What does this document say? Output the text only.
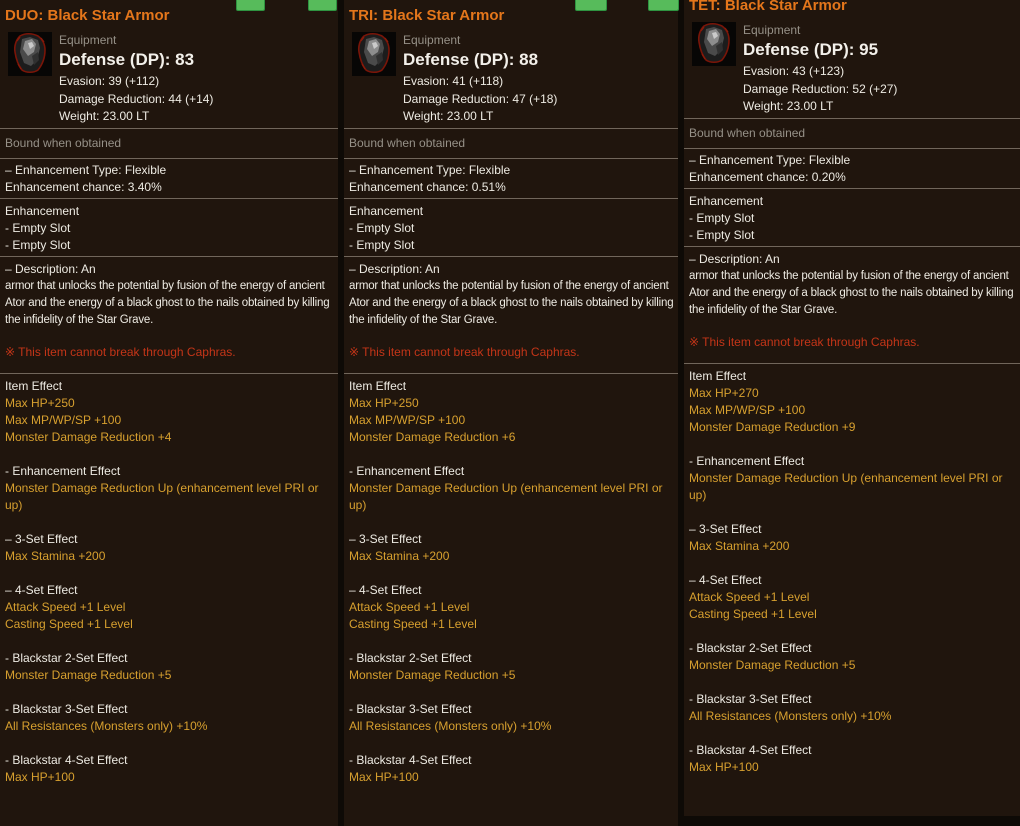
DUO: Black Star Armor
Equipment
Defense (DP): 83
Evasion: 39 (+112)
Damage Reduction: 44 (+14)
Weight: 23.00 LT
Bound when obtained
– Enhancement Type: Flexible
Enhancement chance: 3.40%
Enhancement
- Empty Slot
- Empty Slot
– Description: An
armor that unlocks the potential by fusion of the energy of ancient Ator and the energy of a black ghost to the nails obtained by killing the infidelity of the Star Grave.
※ This item cannot break through Caphras.
Item Effect
Max HP+250
Max MP/WP/SP +100
Monster Damage Reduction +4
- Enhancement Effect
Monster Damage Reduction Up (enhancement level PRI or up)
– 3-Set Effect
Max Stamina +200
– 4-Set Effect
Attack Speed +1 Level
Casting Speed +1 Level
- Blackstar 2-Set Effect
Monster Damage Reduction +5
- Blackstar 3-Set Effect
All Resistances (Monsters only) +10%
- Blackstar 4-Set Effect
Max HP+100
TRI: Black Star Armor
Equipment
Defense (DP): 88
Evasion: 41 (+118)
Damage Reduction: 47 (+18)
Weight: 23.00 LT
Bound when obtained
– Enhancement Type: Flexible
Enhancement chance: 0.51%
Enhancement
- Empty Slot
- Empty Slot
– Description: An
armor that unlocks the potential by fusion of the energy of ancient Ator and the energy of a black ghost to the nails obtained by killing the infidelity of the Star Grave.
※ This item cannot break through Caphras.
Item Effect
Max HP+250
Max MP/WP/SP +100
Monster Damage Reduction +6
- Enhancement Effect
Monster Damage Reduction Up (enhancement level PRI or up)
– 3-Set Effect
Max Stamina +200
– 4-Set Effect
Attack Speed +1 Level
Casting Speed +1 Level
- Blackstar 2-Set Effect
Monster Damage Reduction +5
- Blackstar 3-Set Effect
All Resistances (Monsters only) +10%
- Blackstar 4-Set Effect
Max HP+100
TET: Black Star Armor
Equipment
Defense (DP): 95
Evasion: 43 (+123)
Damage Reduction: 52 (+27)
Weight: 23.00 LT
Bound when obtained
– Enhancement Type: Flexible
Enhancement chance: 0.20%
Enhancement
- Empty Slot
- Empty Slot
– Description: An
armor that unlocks the potential by fusion of the energy of ancient Ator and the energy of a black ghost to the nails obtained by killing the infidelity of the Star Grave.
※ This item cannot break through Caphras.
Item Effect
Max HP+270
Max MP/WP/SP +100
Monster Damage Reduction +9
- Enhancement Effect
Monster Damage Reduction Up (enhancement level PRI or up)
– 3-Set Effect
Max Stamina +200
– 4-Set Effect
Attack Speed +1 Level
Casting Speed +1 Level
- Blackstar 2-Set Effect
Monster Damage Reduction +5
- Blackstar 3-Set Effect
All Resistances (Monsters only) +10%
- Blackstar 4-Set Effect
Max HP+100
